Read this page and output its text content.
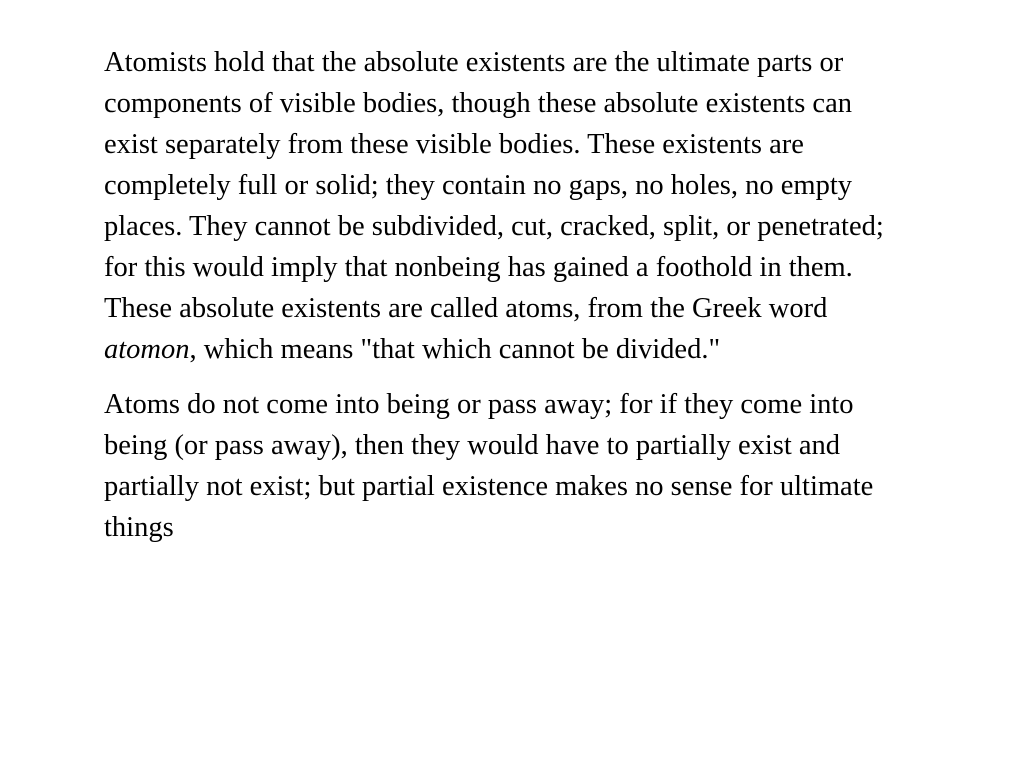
Atomists hold that the absolute existents are the ultimate parts or components of visible bodies, though these absolute existents can exist separately from these visible bodies. These existents are completely full or solid; they contain no gaps, no holes, no empty places. They cannot be subdivided, cut, cracked, split, or penetrated; for this would imply that nonbeing has gained a foothold in them. These absolute existents are called atoms, from the Greek word atomon, which means "that which cannot be divided."

Atoms do not come into being or pass away; for if they come into being (or pass away), then they would have to partially exist and partially not exist; but partial existence makes no sense for ultimate things
